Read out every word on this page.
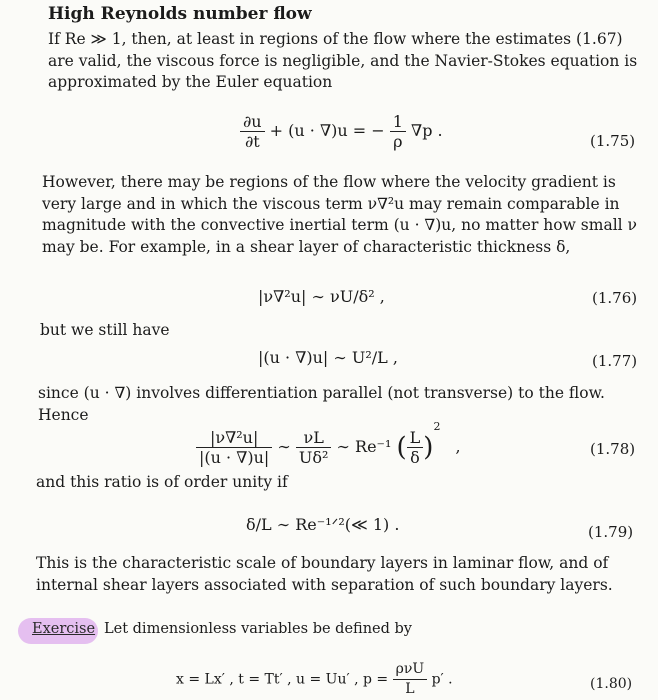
High Reynolds number flow

If Re ≫ 1, then, at least in regions of the flow where the estimates (1.67)

are valid, the viscous force is negligible, and the Navier-Stokes equation is

approximated by the Euler equation

$\frac{\partial u}{\partial t} + (u \cdot \nabla)u$ = − $\frac{1}{\rho} \nabla p$ .
(1.75)

However, there may be regions of the flow where the velocity gradient is

very large and in which the viscous term ν∇²u may remain comparable in

magnitude with the convective inertial term (u · ∇)u, no matter how small ν

may be. For example, in a shear layer of characteristic thickness δ,

|ν∇²u| ∼ νU/δ² ,	(1.76)
but we still have
|(u · ∇)u| ∼ U²/L ,	(1.77)

since (u · ∇) involves differentiation parallel (not transverse) to the flow.

Hence

$\frac{\text{|ν∇²u|}}{|(u \cdot \nabla)u|}$ ∼ $\frac{\nu L}{\text{Uδ²}}$ ∼ Re⁻¹ ( $\frac{L}{\delta} )^2$ ,	(1.78)
and this ratio is of order unity if
δ/L ∼ Re⁻¹ᐟ²(≪ 1) .	(1.79)

This is the characteristic scale of boundary layers in laminar flow, and of

internal shear layers associated with separation of such boundary layers.

Exercise Let dimensionless variables be defined by
x = Lx′ , t = Tt′ , u = Uu′ , $p = \frac{\text{ρνU}}{L} p'$ .	(1.80)
